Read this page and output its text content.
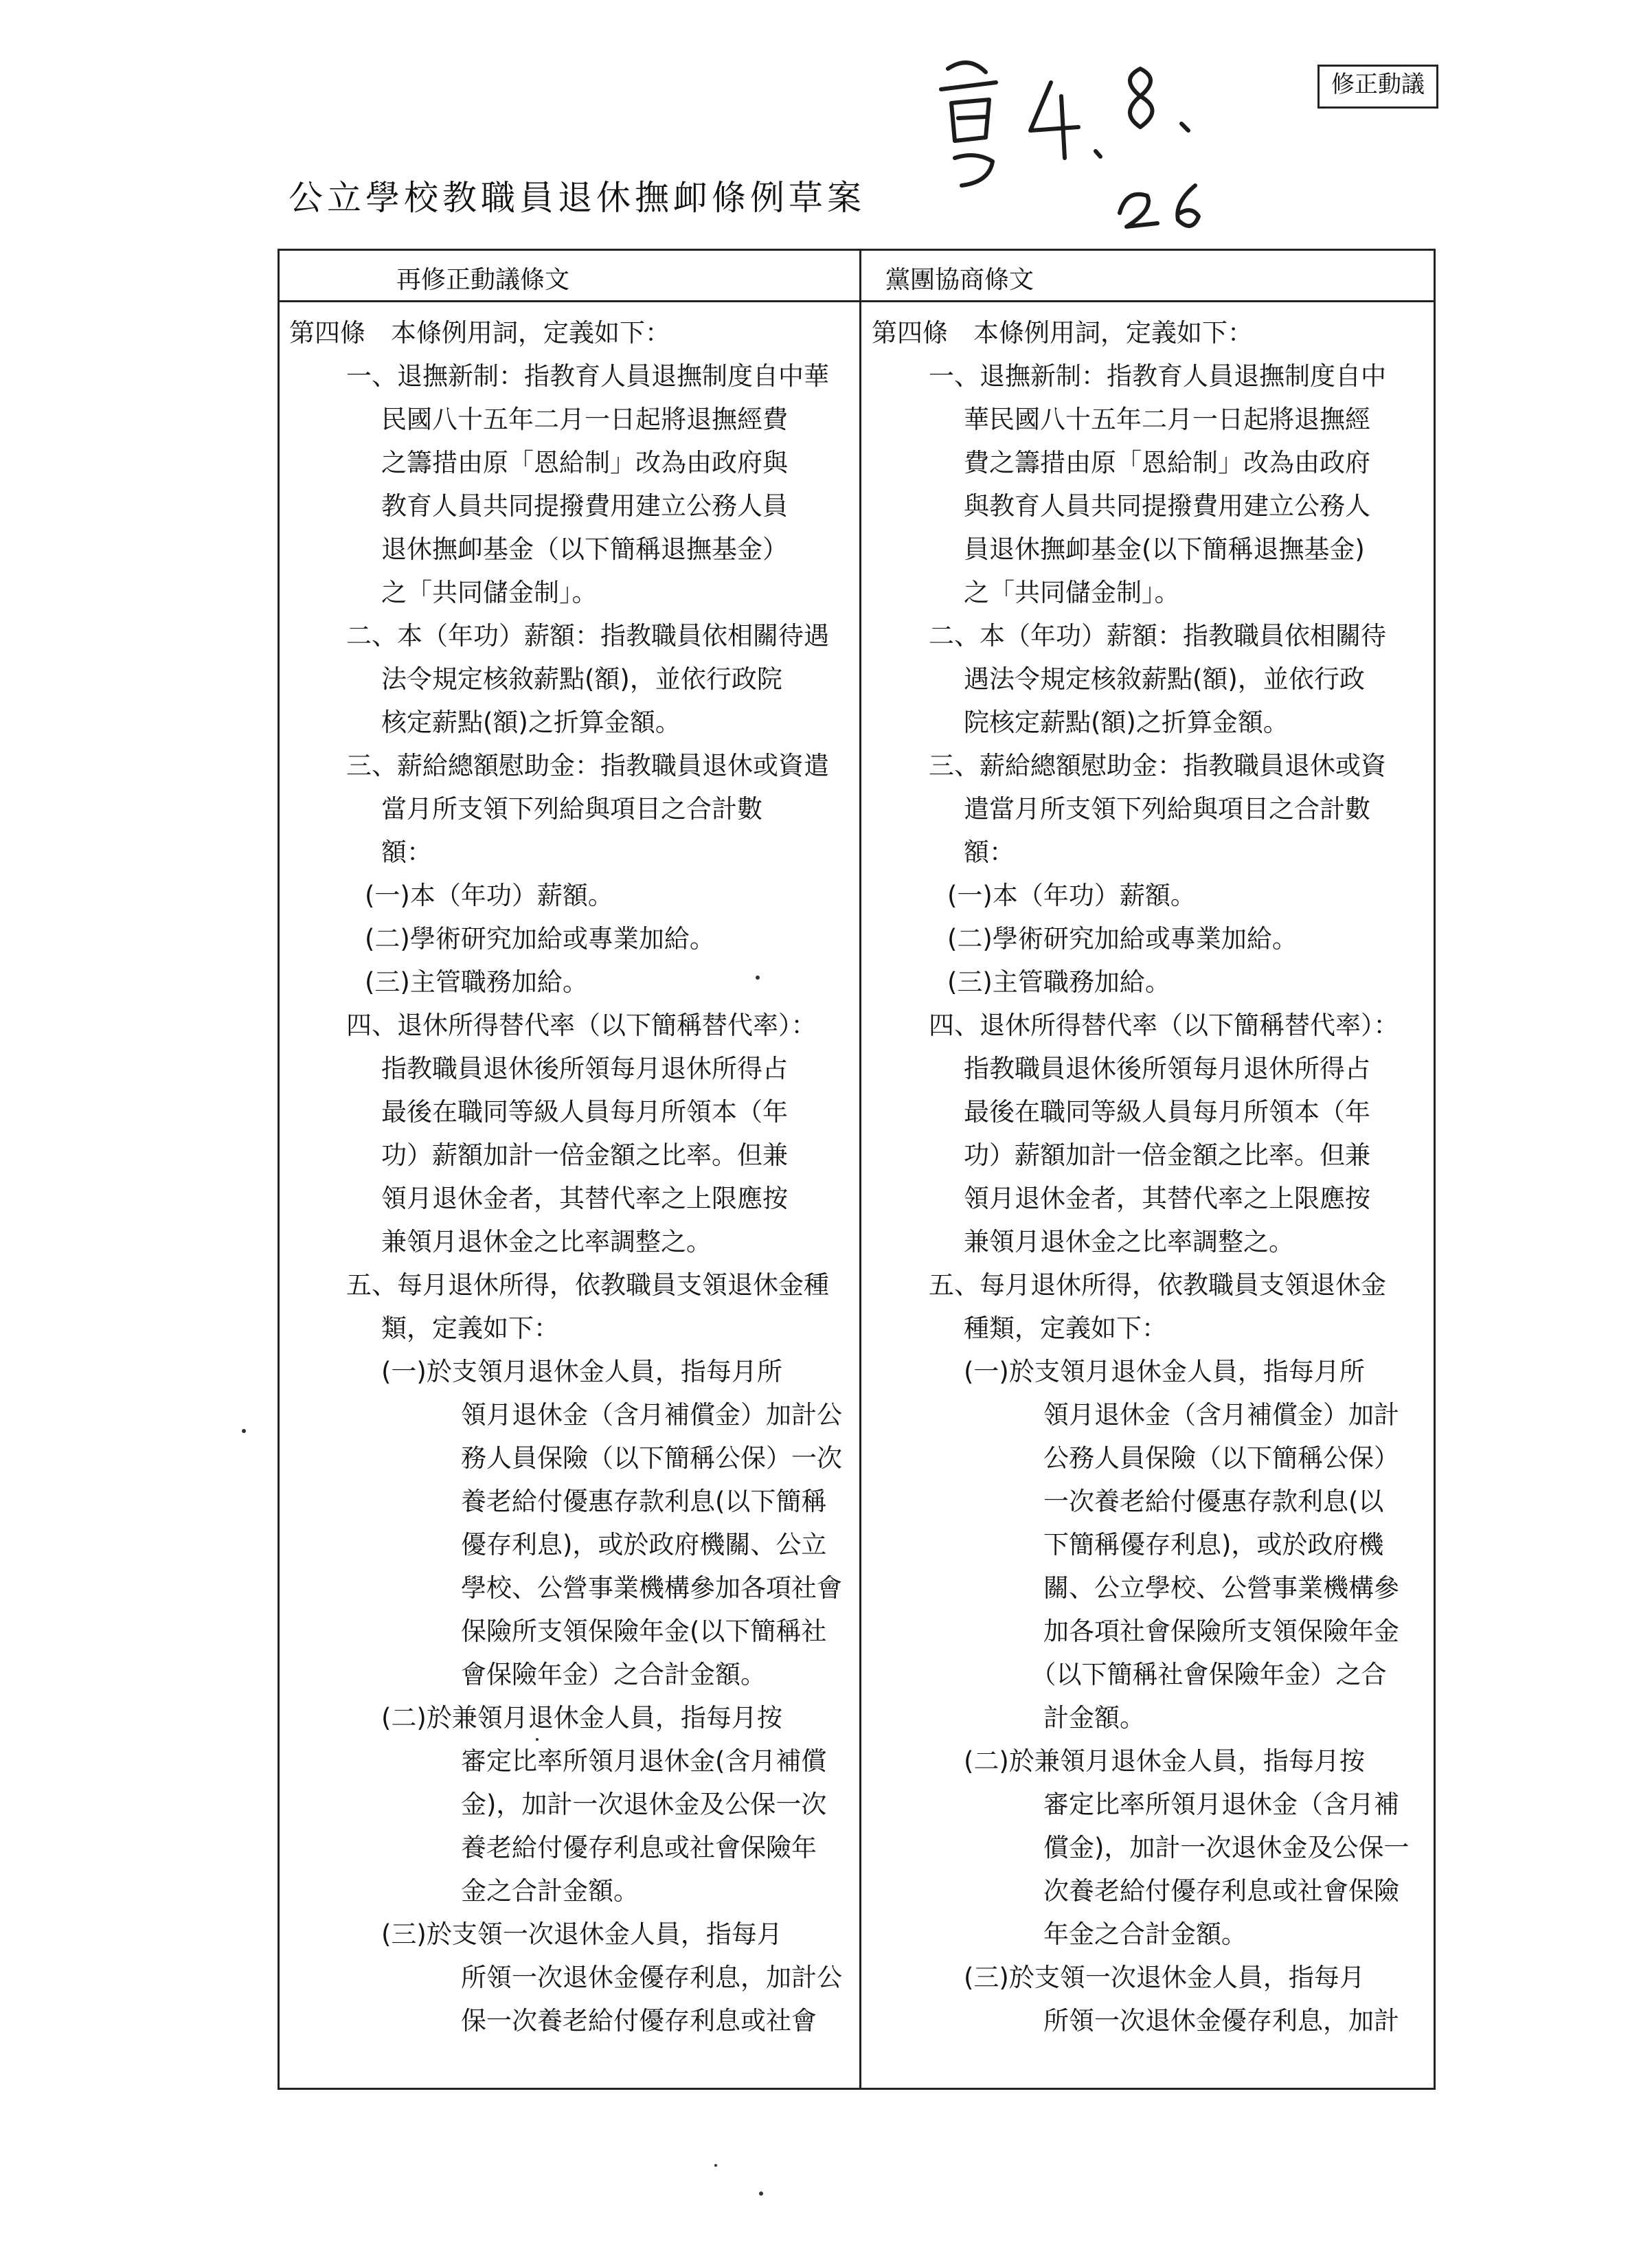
修正動議
公立學校教職員退休撫卹條例草案
再修正動議條文	黨團協商條文
第四條　本條例用詞，定義如下：
　一、退撫新制：指教育人員退撫制度自中華
民國八十五年二月一日起將退撫經費
之籌措由原「恩給制」改為由政府與
教育人員共同提撥費用建立公務人員
退休撫卹基金（以下簡稱退撫基金）
之「共同儲金制」。
　二、本（年功）薪額：指教職員依相關待遇
法令規定核敘薪點(額)，並依行政院
核定薪點(額)之折算金額。
　三、薪給總額慰助金：指教職員退休或資遣
當月所支領下列給與項目之合計數
額：
(一)本（年功）薪額。
(二)學術研究加給或專業加給。
(三)主管職務加給。
　四、退休所得替代率（以下簡稱替代率）：
指教職員退休後所領每月退休所得占
最後在職同等級人員每月所領本（年
功）薪額加計一倍金額之比率。但兼
領月退休金者，其替代率之上限應按
兼領月退休金之比率調整之。
　五、每月退休所得，依教職員支領退休金種
類，定義如下：
(一)於支領月退休金人員，指每月所
　　領月退休金（含月補償金）加計公
　　務人員保險（以下簡稱公保）一次
　　養老給付優惠存款利息(以下簡稱
　　優存利息)，或於政府機關、公立
　　學校、公營事業機構參加各項社會
　　保險所支領保險年金(以下簡稱社
　　會保險年金）之合計金額。
(二)於兼領月退休金人員，指每月按
　　審定比率所領月退休金(含月補償
　　金)，加計一次退休金及公保一次
　　養老給付優存利息或社會保險年
　　金之合計金額。
(三)於支領一次退休金人員，指每月
　　所領一次退休金優存利息，加計公
　　保一次養老給付優存利息或社會
第四條　本條例用詞，定義如下：
　一、退撫新制：指教育人員退撫制度自中
華民國八十五年二月一日起將退撫經
費之籌措由原「恩給制」改為由政府
與教育人員共同提撥費用建立公務人
員退休撫卹基金(以下簡稱退撫基金)
之「共同儲金制」。
　二、本（年功）薪額：指教職員依相關待
遇法令規定核敘薪點(額)，並依行政
院核定薪點(額)之折算金額。
　三、薪給總額慰助金：指教職員退休或資
遣當月所支領下列給與項目之合計數
額：
(一)本（年功）薪額。
(二)學術研究加給或專業加給。
(三)主管職務加給。
　四、退休所得替代率（以下簡稱替代率）：
指教職員退休後所領每月退休所得占
最後在職同等級人員每月所領本（年
功）薪額加計一倍金額之比率。但兼
領月退休金者，其替代率之上限應按
兼領月退休金之比率調整之。
　五、每月退休所得，依教職員支領退休金
種類，定義如下：
(一)於支領月退休金人員，指每月所
　　領月退休金（含月補償金）加計
　　公務人員保險（以下簡稱公保）
　　一次養老給付優惠存款利息(以
　　下簡稱優存利息)，或於政府機
　　關、公立學校、公營事業機構參
　　加各項社會保險所支領保險年金
　　（以下簡稱社會保險年金）之合
　　計金額。
(二)於兼領月退休金人員，指每月按
　　審定比率所領月退休金（含月補
　　償金)，加計一次退休金及公保一
　　次養老給付優存利息或社會保險
　　年金之合計金額。
(三)於支領一次退休金人員，指每月
　　所領一次退休金優存利息，加計
